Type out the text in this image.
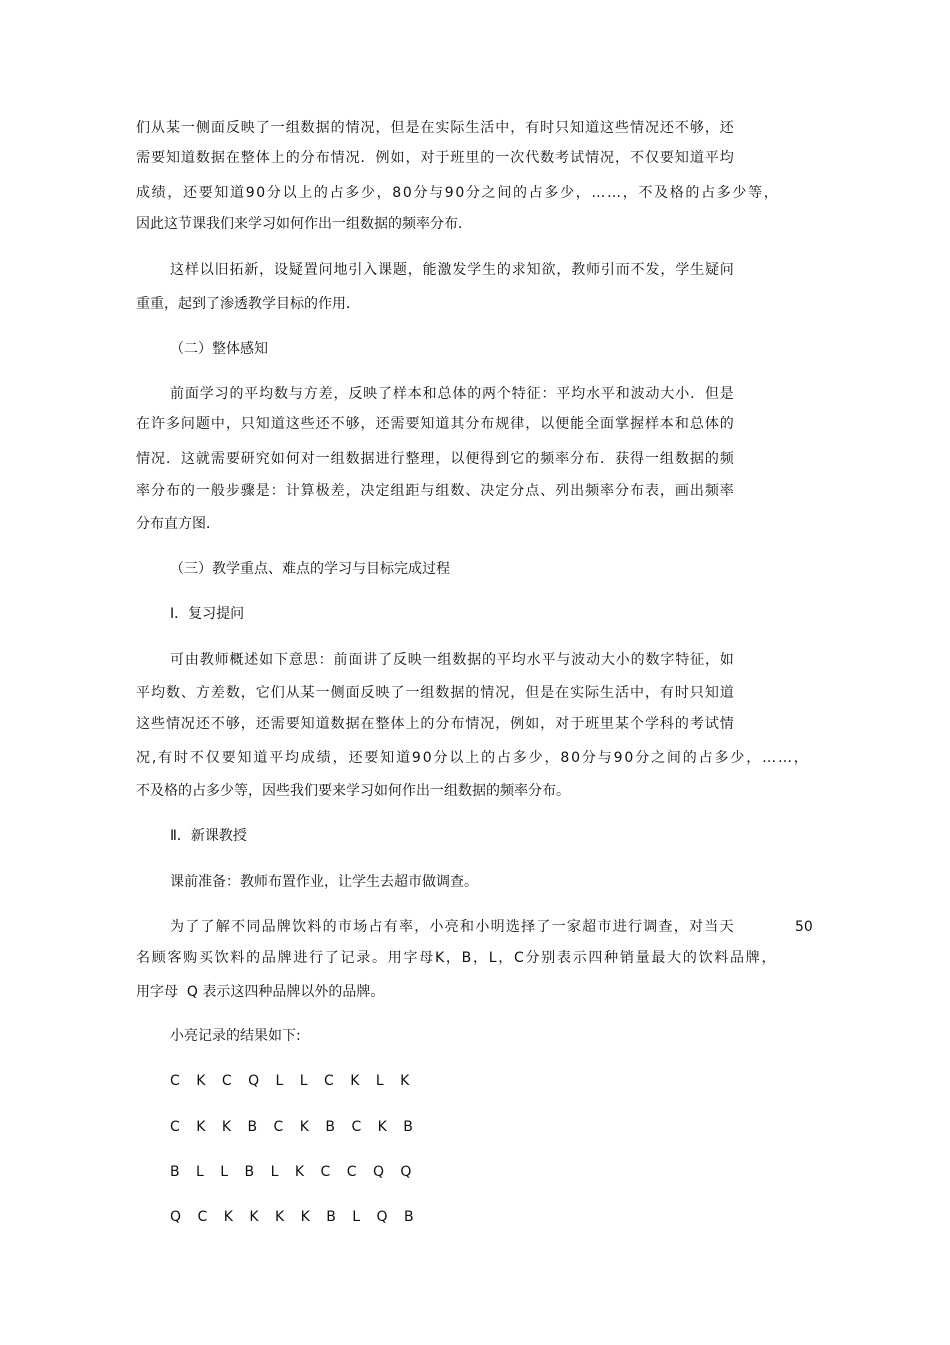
们 从 某 一 侧 面 反 映 了 一 组 数 据 的 情 况 ， 但 是 在 实 际 生 活 中 ， 有 时 只 知 道 这 些 情 况 还 不 够 ， 还
需 要 知 道 数 据 在 整 体 上 的 分 布 情 况 ． 例 如 ， 对 于 班 里 的 一 次 代 数 考 试 情 况 ， 不 仅 要 知 道 平 均
成 绩 ， 还 要 知 道 9 0 分 以 上 的 占 多 少 ， 8 0 分 与 9 0 分 之 间 的 占 多 少 ， … … ， 不 及 格 的 占 多 少 等 ，
因此这节课我们来学习如何作出一组数据的频率分布．
这 样 以 旧 拓 新 ， 设 疑 置 问 地 引 入 课 题 ， 能 激 发 学 生 的 求 知 欲 ， 教 师 引 而 不 发 ， 学 生 疑 问
重重，起到了渗透教学目标的作用．
（二）整体感知
前 面 学 习 的 平 均 数 与 方 差 ， 反 映 了 样 本 和 总 体 的 两 个 特 征 ： 平 均 水 平 和 波 动 大 小 ． 但 是
在 许 多 问 题 中 ， 只 知 道 这 些 还 不 够 ， 还 需 要 知 道 其 分 布 规 律 ， 以 便 能 全 面 掌 握 样 本 和 总 体 的
情 况 ． 这 就 需 要 研 究 如 何 对 一 组 数 据 进 行 整 理 ， 以 便 得 到 它 的 频 率 分 布 ． 获 得 一 组 数 据 的 频
率 分 布 的 一 般 步 骤 是 ： 计 算 极 差 ， 决 定 组 距 与 组 数 、 决 定 分 点 、 列 出 频 率 分 布 表 ， 画 出 频 率
分布直方图．
（三）教学重点、难点的学习与目标完成过程
Ⅰ．复习提问
可 由 教 师 概 述 如 下 意 思 ： 前 面 讲 了 反 映 一 组 数 据 的 平 均 水 平 与 波 动 大 小 的 数 字 特 征 ， 如
平 均 数 、 方 差 数 ， 它 们 从 某 一 侧 面 反 映 了 一 组 数 据 的 情 况 ， 但 是 在 实 际 生 活 中 ， 有 时 只 知 道
这 些 情 况 还 不 够 ， 还 需 要 知 道 数 据 在 整 体 上 的 分 布 情 况 ， 例 如 ， 对 于 班 里 某 个 学 科 的 考 试 情
况 , 有 时 不 仅 要 知 道 平 均 成 绩 ， 还 要 知 道 9 0 分 以 上 的 占 多 少 ， 8 0 分 与 9 0 分 之 间 的 占 多 少 ， … … ，
不及格的占多少等，因些我们要来学习如何作出一组数据的频率分布。
Ⅱ．新课教授
课前准备：教师布置作业，让学生去超市做调查。
为 了 了 解 不 同 品 牌 饮 料 的 市 场 占 有 率 ， 小 亮 和 小 明 选 择 了 一 家 超 市 进 行 调 查 ， 对 当 天	50
名 顾 客 购 买 饮 料 的 品 牌 进 行 了 记 录 。 用 字 母 K ， B ， L ， C 分 别 表 示 四 种 销 量 最 大 的 饮 料 品 牌 ，
用字母  Q 表示这四种品牌以外的品牌。
小亮记录的结果如下:
C K C Q L L C K L K
C K K B C K B C K B
B L L B L K C C Q Q
Q C K K K K B L Q B
